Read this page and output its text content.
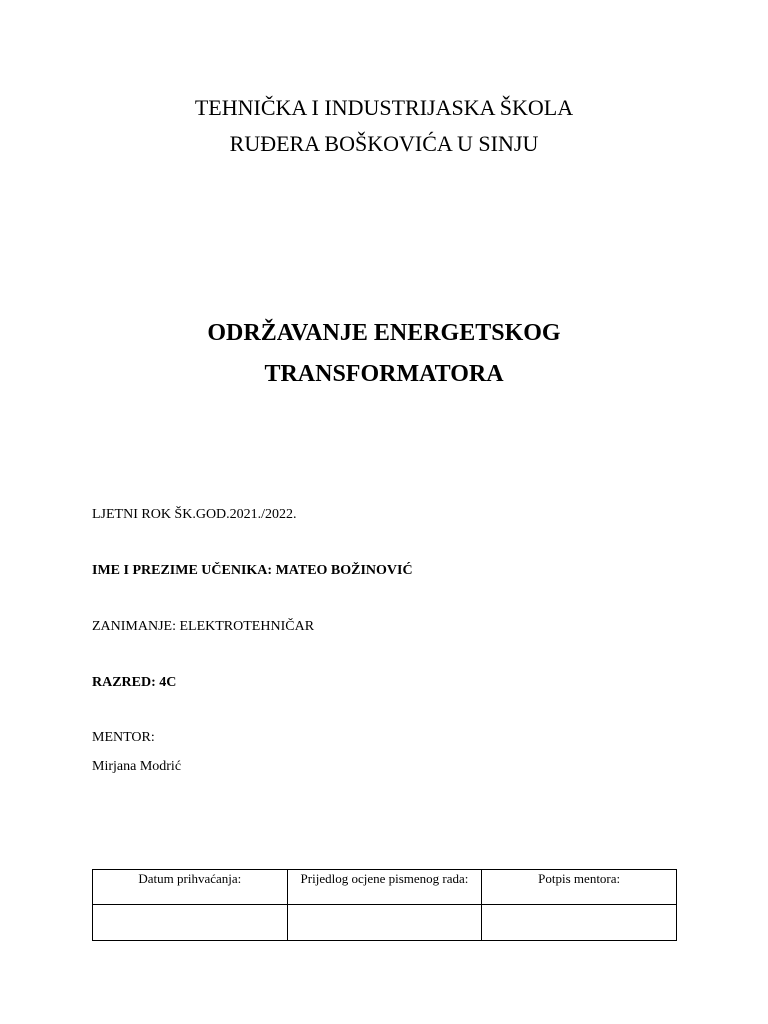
TEHNIČKA I INDUSTRIJASKA ŠKOLA
RUĐERA BOŠKOVIĆA U SINJU
ODRŽAVANJE ENERGETSKOG
TRANSFORMATORA
LJETNI ROK ŠK.GOD.2021./2022.
IME I PREZIME UČENIKA: MATEO BOŽINOVIĆ
ZANIMANJE: ELEKTROTEHNIČAR
RAZRED: 4C
MENTOR:
Mirjana Modrić
Datum prihvaćanja:	Prijedlog ocjene pismenog rada:	Potpis mentora:
